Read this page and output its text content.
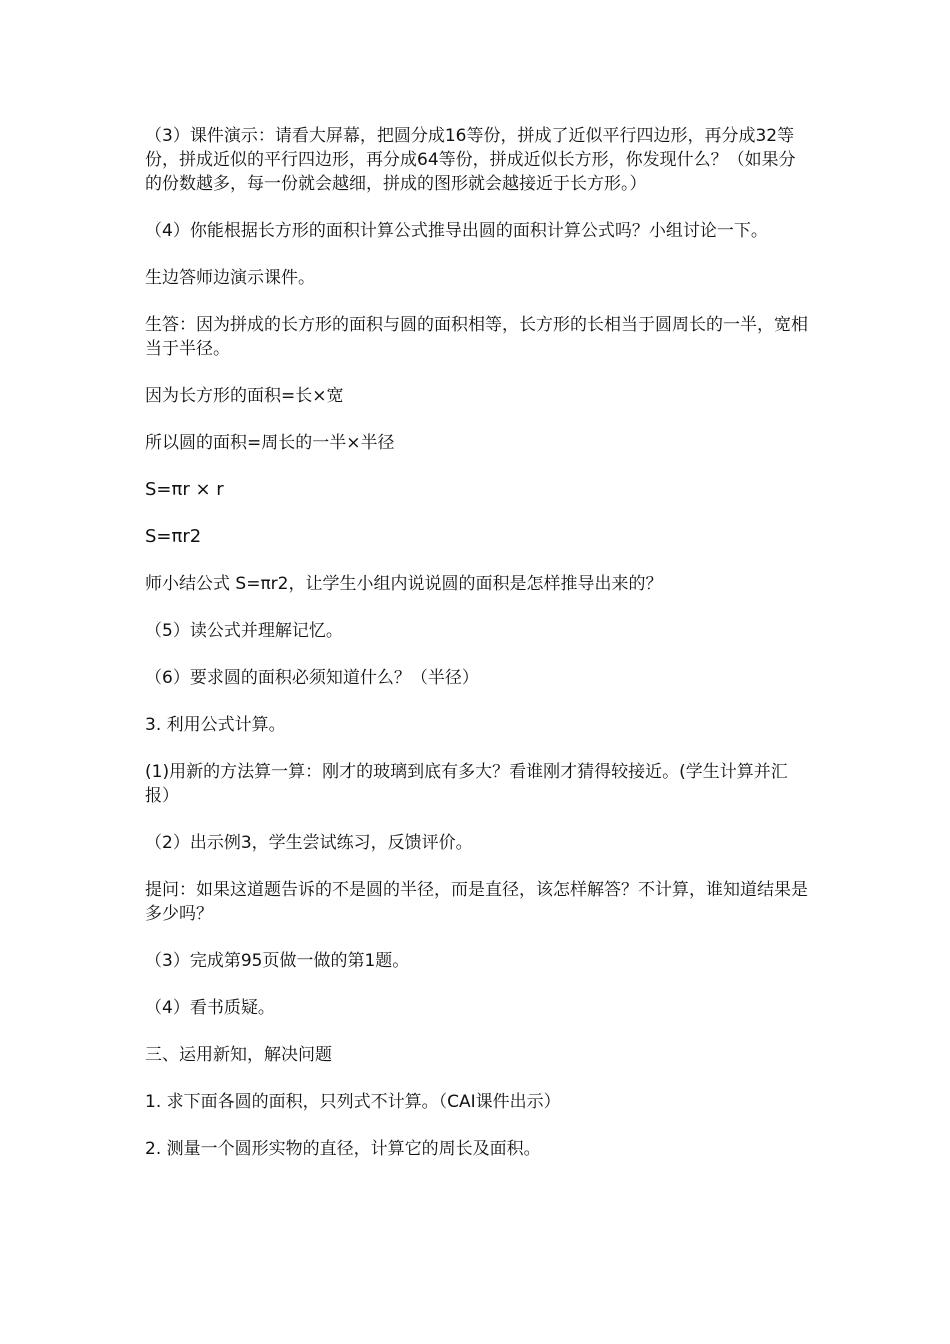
（3）课件演示：请看大屏幕，把圆分成16等份，拼成了近似平行四边形，再分成32等份，拼成近似的平行四边形，再分成64等份，拼成近似长方形，你发现什么？（如果分的份数越多，每一份就会越细，拼成的图形就会越接近于长方形。）

（4）你能根据长方形的面积计算公式推导出圆的面积计算公式吗？小组讨论一下。

生边答师边演示课件。

生答：因为拼成的长方形的面积与圆的面积相等，长方形的长相当于圆周长的一半，宽相当于半径。

因为长方形的面积=长×宽

所以圆的面积=周长的一半×半径

S=πr × r

S=πr2

师小结公式 S=πr2，让学生小组内说说圆的面积是怎样推导出来的？

（5）读公式并理解记忆。

（6）要求圆的面积必须知道什么？（半径）

3. 利用公式计算。

(1)用新的方法算一算：刚才的玻璃到底有多大？看谁刚才猜得较接近。(学生计算并汇报）

（2）出示例3，学生尝试练习，反馈评价。

提问：如果这道题告诉的不是圆的半径，而是直径，该怎样解答？不计算，谁知道结果是多少吗？

（3）完成第95页做一做的第1题。

（4）看书质疑。

三、运用新知，解决问题

1. 求下面各圆的面积，只列式不计算。（CAI课件出示）

2. 测量一个圆形实物的直径，计算它的周长及面积。
